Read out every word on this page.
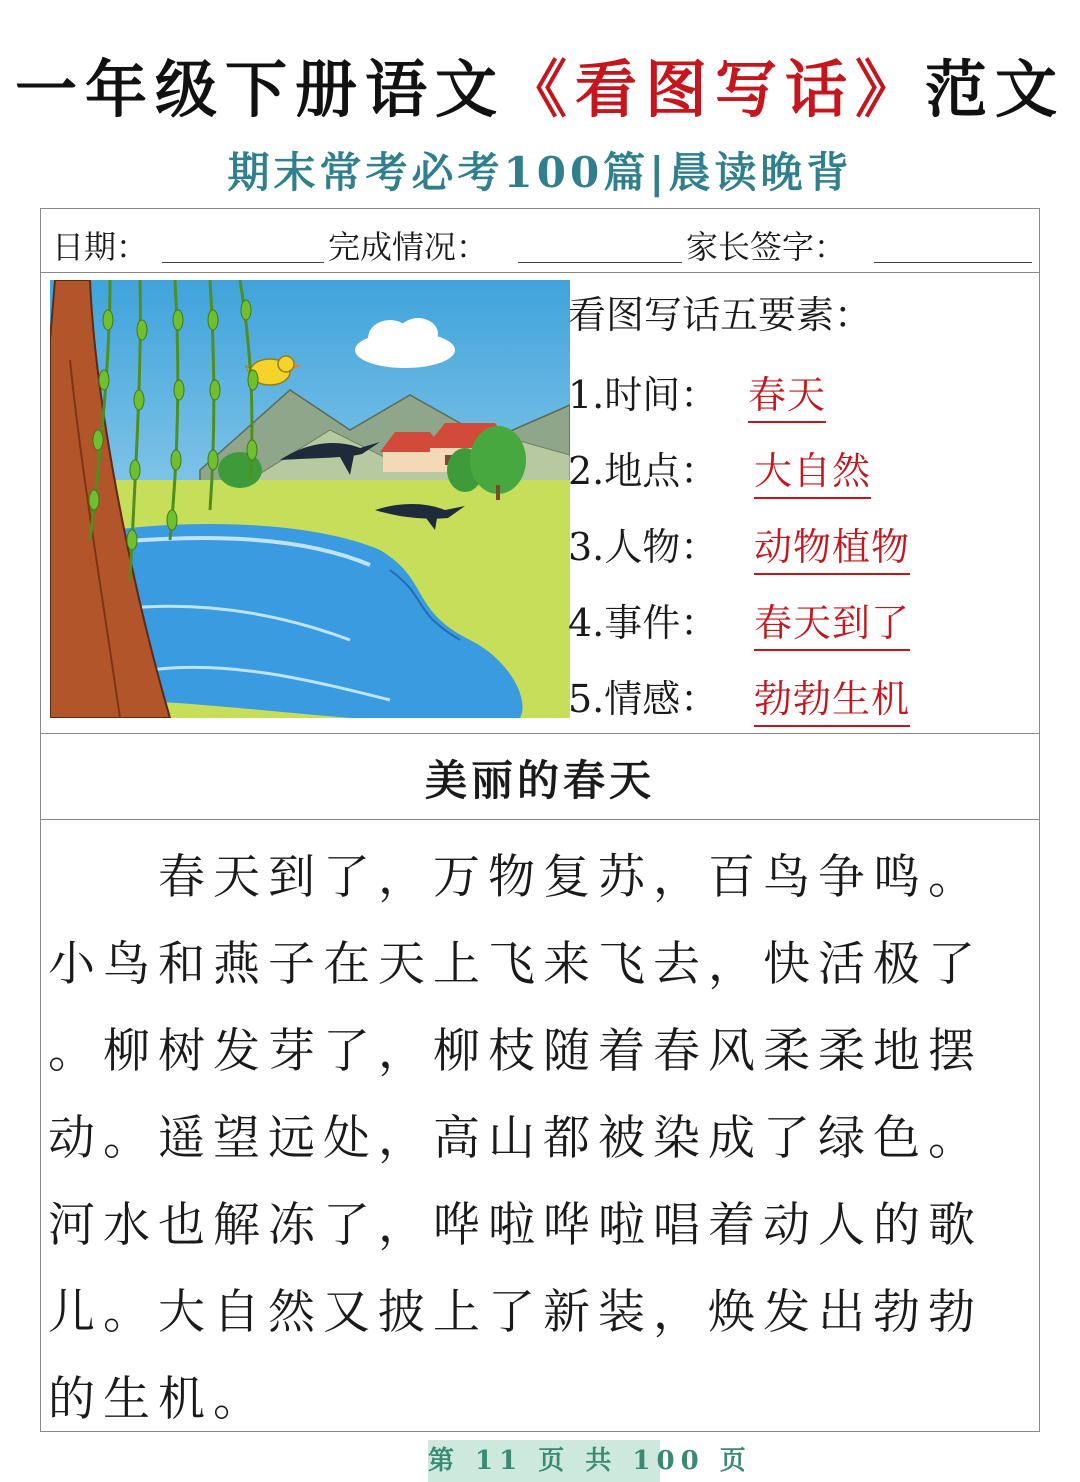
一年级下册语文《看图写话》范文
期末常考必考100篇|晨读晚背
日期：	完成情况：	家长签字：
看图写话五要素：
1.时间： 春天
2.地点： 大自然
3.人物： 动物植物
4.事件： 春天到了
5.情感： 勃勃生机
美丽的春天
　　春天到了，万物复苏，百鸟争鸣。
小鸟和燕子在天上飞来飞去，快活极了
。柳树发芽了，柳枝随着春风柔柔地摆
动。遥望远处，高山都被染成了绿色。
河水也解冻了，哗啦哗啦唱着动人的歌
儿。大自然又披上了新装，焕发出勃勃
的生机。
第 11 页 共 100 页
